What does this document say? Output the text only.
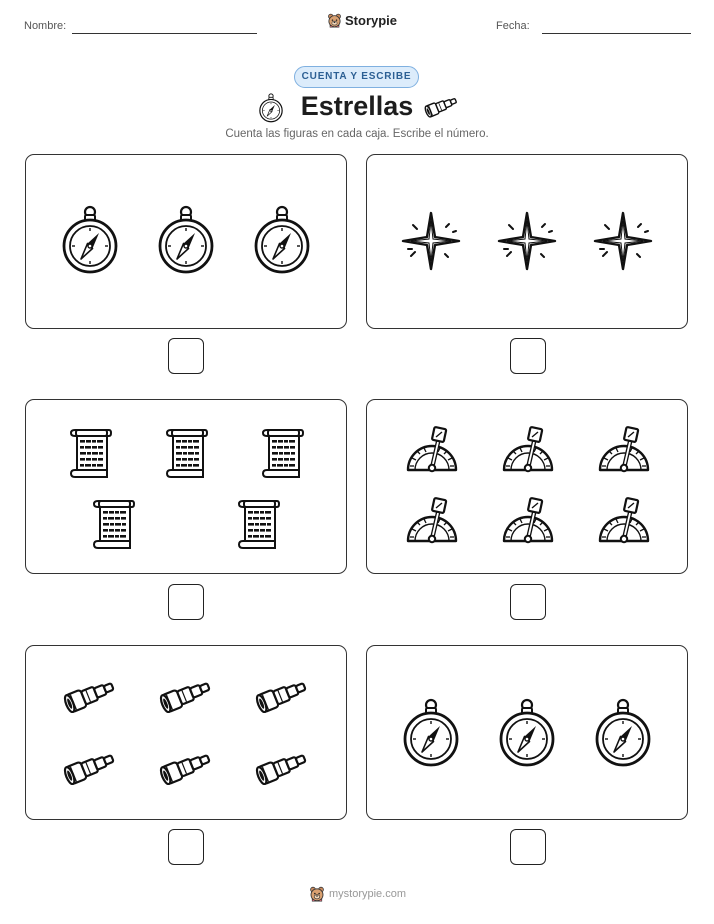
Nombre:	Storypie	Fecha:
CUENTA Y ESCRIBE
Estrellas
Cuenta las figuras en cada caja. Escribe el número.
mystorypie.com
